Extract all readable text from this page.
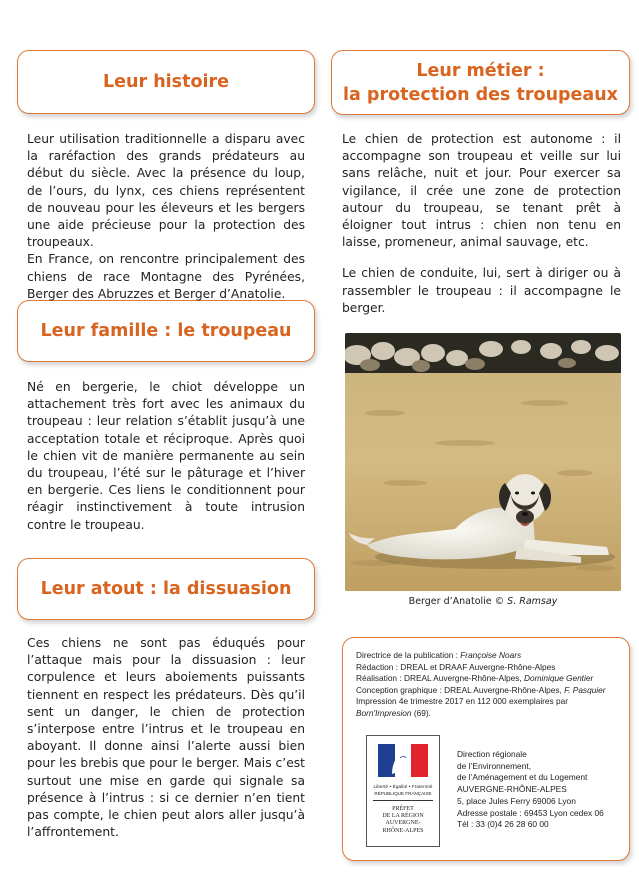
Leur histoire
Leur métier :
la protection des troupeaux
Leur famille : le troupeau
Leur atout : la dissuasion

Leur utilisation traditionnelle a disparu avec la raréfaction des grands prédateurs au début du siècle. Avec la présence du loup, de l’ours, du lynx, ces chiens représentent de nouveau pour les éleveurs et les bergers une aide précieuse pour la protection des troupeaux.

En France, on rencontre principalement des chiens de race Montagne des Pyrénées, Berger des Abruzzes et Berger d’Anatolie.

Le chien de protection est autonome : il accompagne son troupeau et veille sur lui sans relâche, nuit et jour. Pour exercer sa vigilance, il crée une zone de protection autour du troupeau, se tenant prêt à éloigner tout intrus : chien non tenu en laisse, promeneur, animal sauvage, etc.

Le chien de conduite, lui, sert à diriger ou à rassembler le troupeau : il accompagne le berger.

Né en bergerie, le chiot développe un attachement très fort avec les animaux du troupeau : leur relation s’établit jusqu’à une acceptation totale et réciproque. Après quoi le chien vit de manière permanente au sein du troupeau, l’été sur le pâturage et l’hiver en bergerie. Ces liens le conditionnent pour réagir instinctivement à toute intrusion contre le troupeau.

Ces chiens ne sont pas éduqués pour l’attaque mais pour la dissuasion : leur corpulence et leurs aboiements puissants tiennent en respect les prédateurs. Dès qu’il sent un danger, le chien de protection s’interpose entre l’intrus et le troupeau en aboyant. Il donne ainsi l’alerte aussi bien pour les brebis que pour le berger. Mais c’est surtout une mise en garde qui signale sa présence à l’intrus : si ce dernier n’en tient pas compte, le chien peut alors aller jusqu’à l’affrontement.

Berger d’Anatolie © S. Ramsay
Directrice de la publication : Françoise Noars
Rédaction : DREAL et DRAAF Auvergne-Rhône-Alpes
Réalisation : DREAL Auvergne-Rhône-Alpes, Dominique Gentier
Conception graphique : DREAL Auvergne-Rhône-Alpes, F. Pasquier
Impression 4e trimestre 2017 en 112 000 exemplaires par
Born'Impresion (69).
Liberté • Égalité • Fraternité
RÉPUBLIQUE FRANÇAISE
PRÉFET
DE LA RÉGION
AUVERGNE-
RHÔNE-ALPES
Direction régionale
de l’Environnement,
de l’Aménagement et du Logement
AUVERGNE-RHÔNE-ALPES
5, place Jules Ferry 69006 Lyon
Adresse postale : 69453 Lyon cedex 06
Tél : 33 (0)4 26 28 60 00
